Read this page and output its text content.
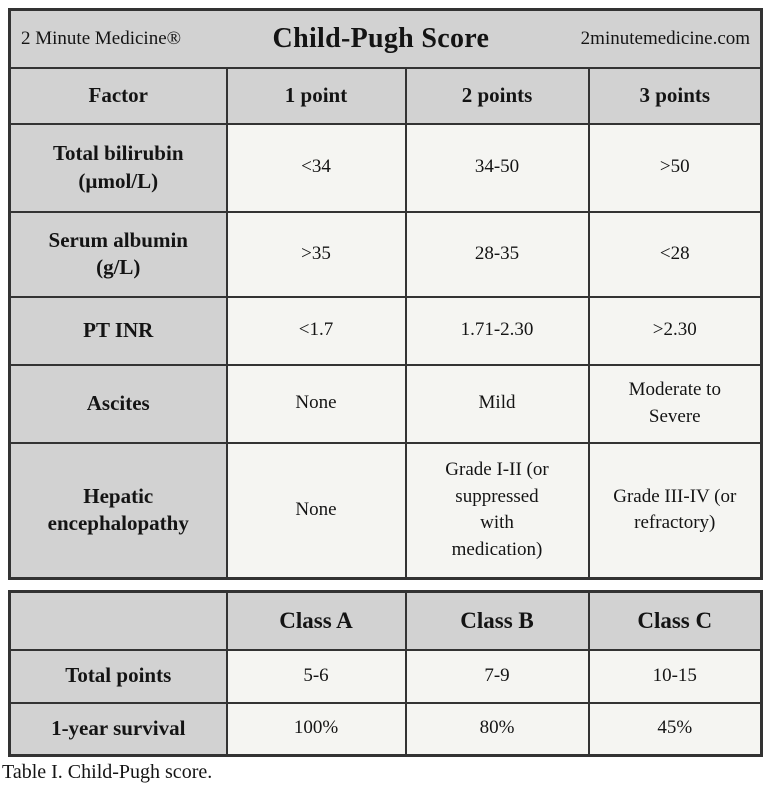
2 Minute Medicine® Child-Pugh Score 2minutemedicine.com			

Factor	1 point	2 points	3 points
Total bilirubin (µmol/L)	<34	34-50	>50
Serum albumin (g/L)	>35	28-35	<28
PT INR	<1.7	1.71-2.30	>2.30
Ascites	None	Mild	Moderate to Severe
Hepatic encephalopathy	None	Grade I-II (or suppressed with medication)	Grade III-IV (or refractory)
	Class A	Class B	Class C
Total points	5-6	7-9	10-15
1-year survival	100%	80%	45%
Table I. Child-Pugh score.
